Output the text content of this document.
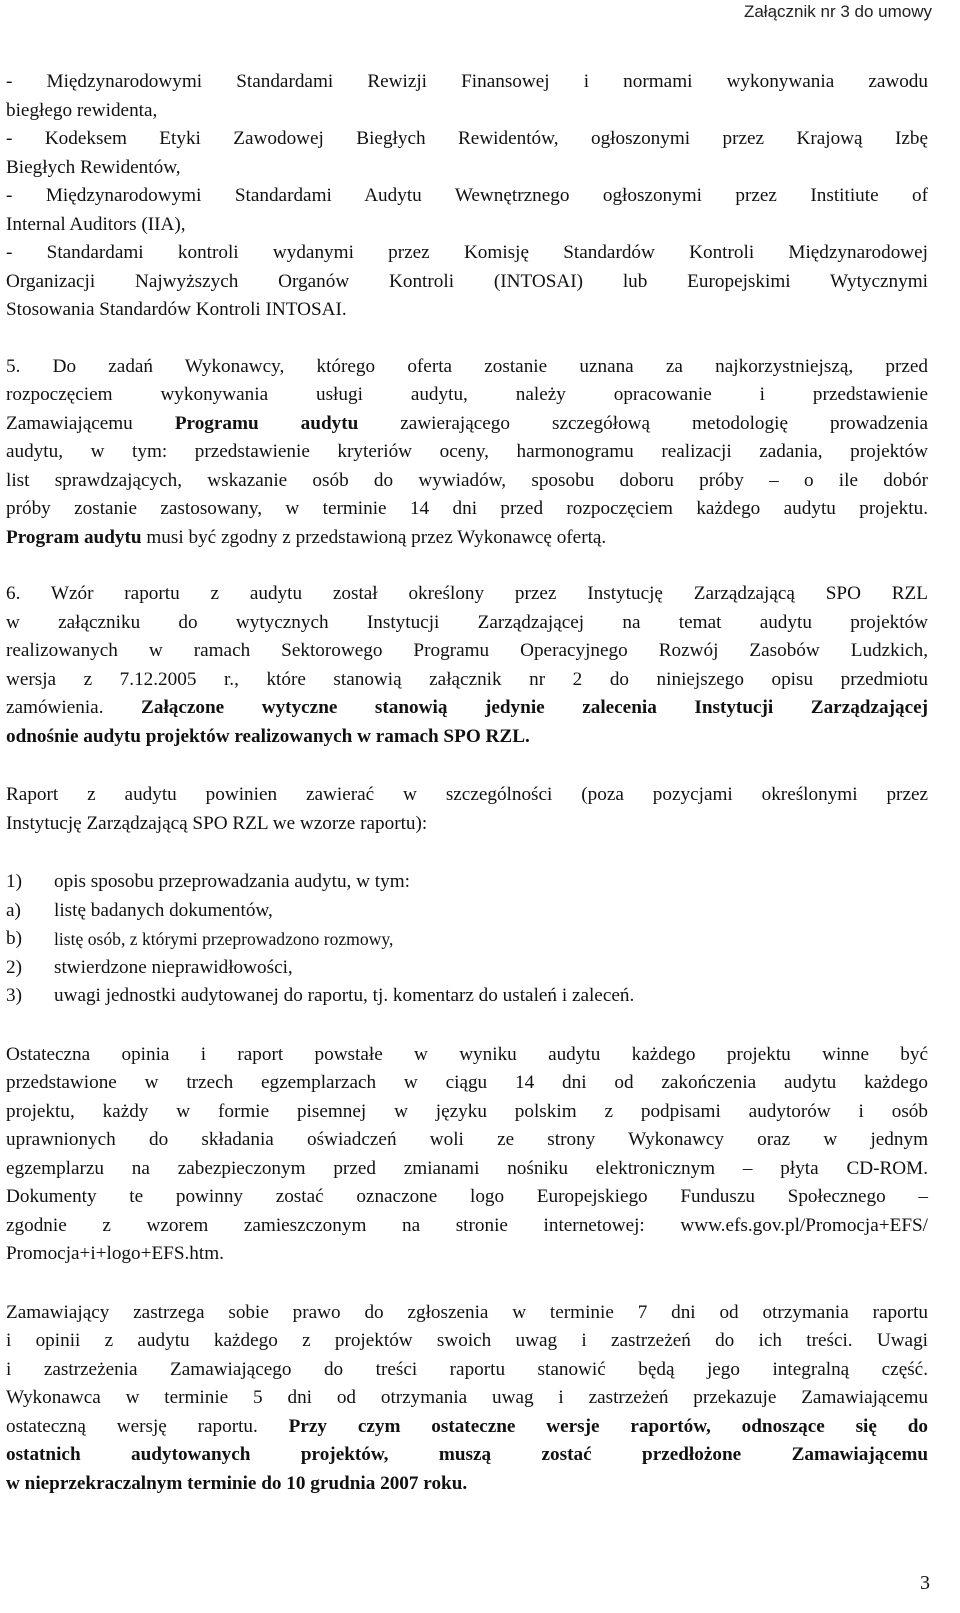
Załącznik nr 3 do umowy
- Międzynarodowymi Standardami Rewizji Finansowej i normami wykonywania zawodu
biegłego rewidenta,
- Kodeksem Etyki Zawodowej Biegłych Rewidentów, ogłoszonymi przez Krajową Izbę
Biegłych Rewidentów,
- Międzynarodowymi Standardami Audytu Wewnętrznego ogłoszonymi przez Institiute of
Internal Auditors (IIA),
- Standardami kontroli wydanymi przez Komisję Standardów Kontroli Międzynarodowej
Organizacji Najwyższych Organów Kontroli (INTOSAI) lub Europejskimi Wytycznymi
Stosowania Standardów Kontroli INTOSAI.
5. Do zadań Wykonawcy, którego oferta zostanie uznana za najkorzystniejszą, przed
rozpoczęciem wykonywania usługi audytu, należy opracowanie i przedstawienie
Zamawiającemu Programu audytu zawierającego szczegółową metodologię prowadzenia
audytu, w tym: przedstawienie kryteriów oceny, harmonogramu realizacji zadania, projektów
list sprawdzających, wskazanie osób do wywiadów, sposobu doboru próby – o ile dobór
próby zostanie zastosowany, w terminie 14 dni przed rozpoczęciem każdego audytu projektu.
Program audytu musi być zgodny z przedstawioną przez Wykonawcę ofertą.
6. Wzór raportu z audytu został określony przez Instytucję Zarządzającą SPO RZL
w załączniku do wytycznych Instytucji Zarządzającej na temat audytu projektów
realizowanych w ramach Sektorowego Programu Operacyjnego Rozwój Zasobów Ludzkich,
wersja z 7.12.2005 r., które stanowią załącznik nr 2 do niniejszego opisu przedmiotu
zamówienia. Załączone wytyczne stanowią jedynie zalecenia Instytucji Zarządzającej
odnośnie audytu projektów realizowanych w ramach SPO RZL.
Raport z audytu powinien zawierać w szczególności (poza pozycjami określonymi przez
Instytucję Zarządzającą SPO RZL we wzorze raportu):
1)	opis sposobu przeprowadzania audytu, w tym:
a)	listę badanych dokumentów,
b)	listę osób, z którymi przeprowadzono rozmowy,
2)	stwierdzone nieprawidłowości,
3)	uwagi jednostki audytowanej do raportu, tj. komentarz do ustaleń i zaleceń.
Ostateczna opinia i raport powstałe w wyniku audytu każdego projektu winne być
przedstawione w trzech egzemplarzach w ciągu 14 dni od zakończenia audytu każdego
projektu, każdy w formie pisemnej w języku polskim z podpisami audytorów i osób
uprawnionych do składania oświadczeń woli ze strony Wykonawcy oraz w jednym
egzemplarzu na zabezpieczonym przed zmianami nośniku elektronicznym – płyta CD-ROM.
Dokumenty te powinny zostać oznaczone logo Europejskiego Funduszu Społecznego –
zgodnie z wzorem zamieszczonym na stronie internetowej: www.efs.gov.pl/Promocja+EFS/
Promocja+i+logo+EFS.htm.
Zamawiający zastrzega sobie prawo do zgłoszenia w terminie 7 dni od otrzymania raportu
i opinii z audytu każdego z projektów swoich uwag i zastrzeżeń do ich treści. Uwagi
i zastrzeżenia Zamawiającego do treści raportu stanowić będą jego integralną część.
Wykonawca w terminie 5 dni od otrzymania uwag i zastrzeżeń przekazuje Zamawiającemu
ostateczną wersję raportu. Przy czym ostateczne wersje raportów, odnoszące się do
ostatnich audytowanych projektów, muszą zostać przedłożone Zamawiającemu
w nieprzekraczalnym terminie do 10 grudnia 2007 roku.
3
